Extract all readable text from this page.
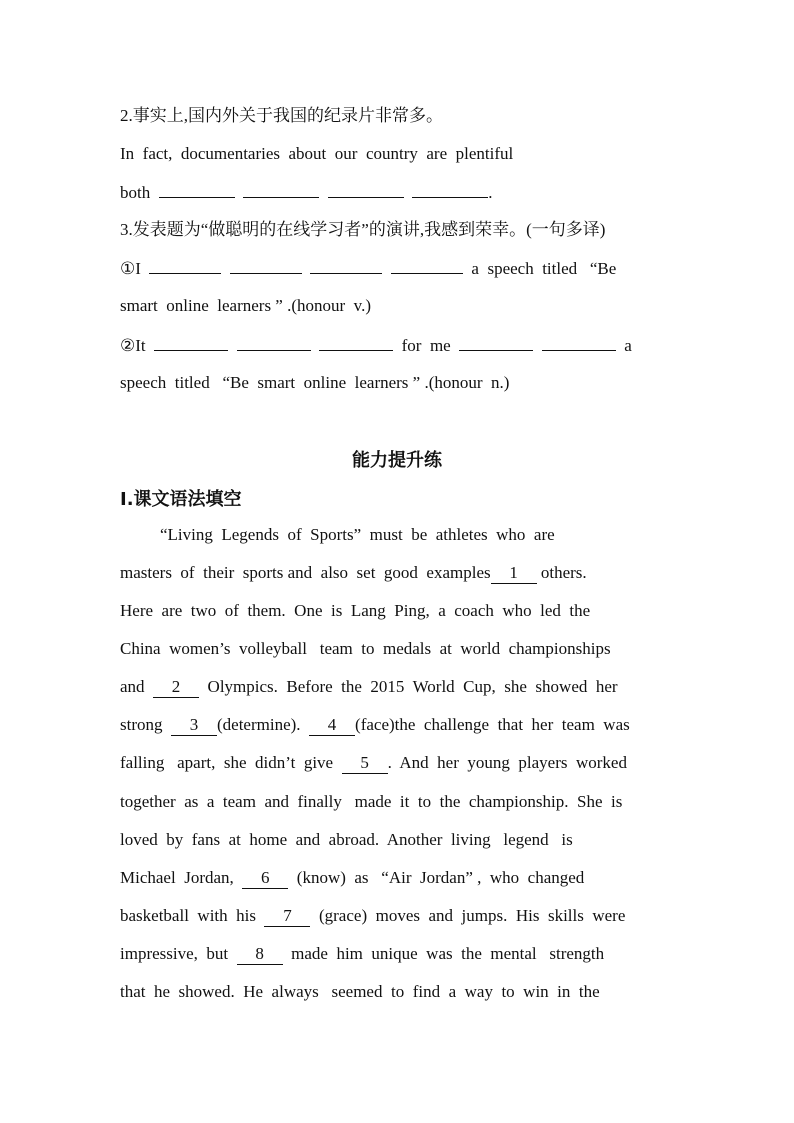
2.事实上,国内外关于我国的纪录片非常多。
In  fact,  documentaries  about  our  country  are  plentiful
both	.
3.发表题为“做聪明的在线学习者”的演讲,我感到荣幸。(一句多译)
①I	a  speech  titled   “Be
smart  online  learners ” .(honour  v.)
②It	for  me	a
speech  titled   “Be  smart  online  learners ” .(honour  n.)
能力提升练
Ⅰ.课文语法填空
“Living  Legends  of  Sports”  must  be  athletes  who  are
masters  of  their  sports and  also  set  good  examples 1 others.
Here  are  two  of  them.  One  is  Lang  Ping,  a  coach  who  led  the
China  women’s  volleyball   team  to  medals  at  world  championships
and  2  Olympics.  Before  the  2015  World  Cup,  she  showed  her
strong  3 (determine).  4 (face)the  challenge  that  her  team  was
falling   apart,  she  didn’t  give  5 .  And  her  young  players  worked
together  as  a  team  and  finally   made  it  to  the  championship.  She  is
loved  by  fans  at  home  and  abroad.  Another  living   legend   is
Michael  Jordan,  6  (know)  as   “Air  Jordan” ,  who  changed
basketball  with  his  7  (grace)  moves  and  jumps.  His  skills  were
impressive,  but  8  made  him  unique  was  the  mental   strength
that  he  showed.  He  always   seemed  to  find  a  way  to  win  in  the
